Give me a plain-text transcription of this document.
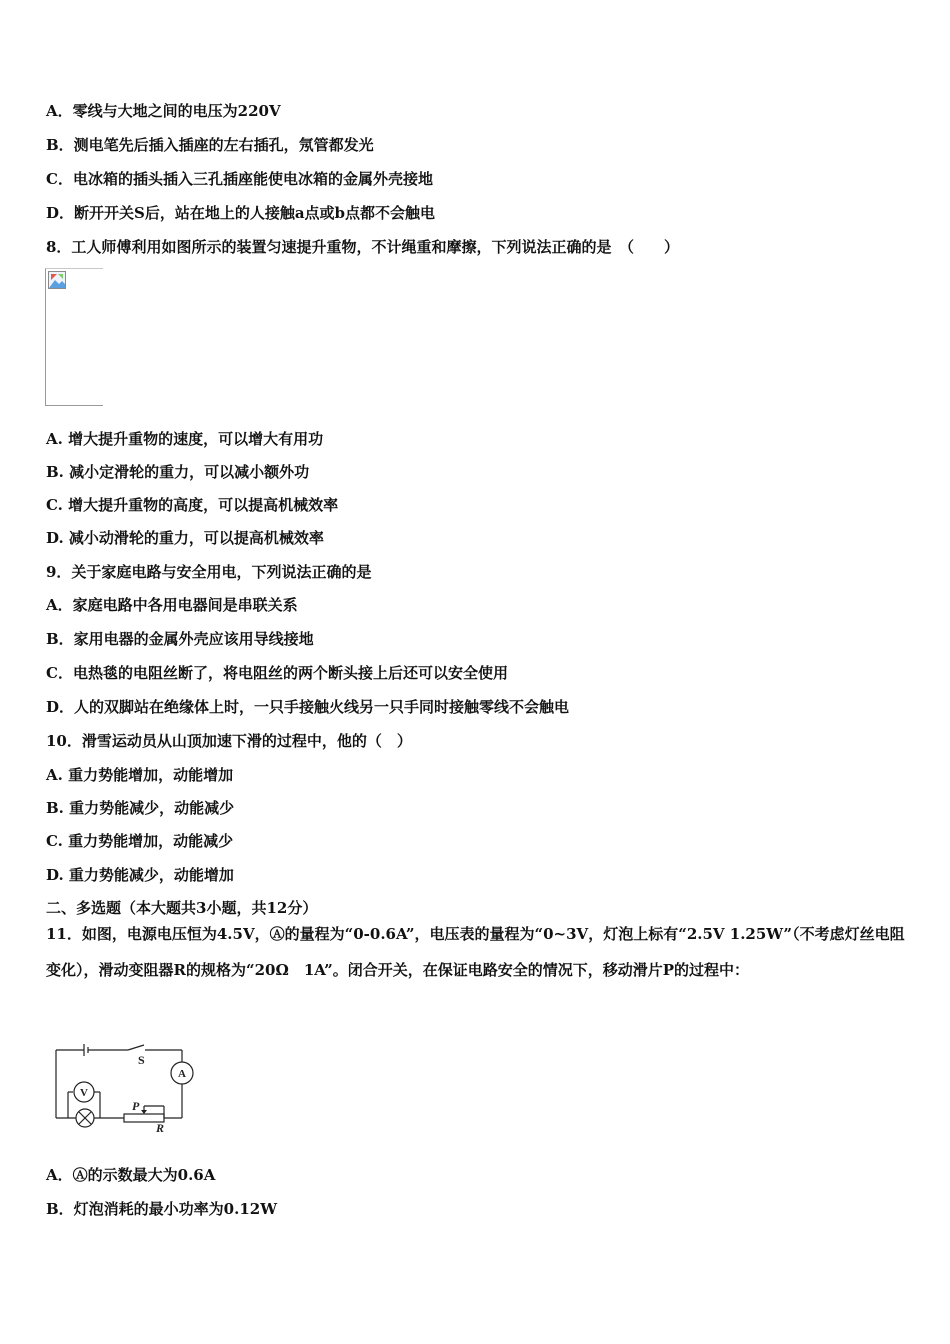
A．零线与大地之间的电压为220V
B．测电笔先后插入插座的左右插孔，氖管都发光
C．电冰箱的插头插入三孔插座能使电冰箱的金属外壳接地
D．断开开关S后，站在地上的人接触a点或b点都不会触电
8．工人师傅利用如图所示的装置匀速提升重物，不计绳重和摩擦，下列说法正确的是　（　　）
A. 增大提升重物的速度，可以增大有用功
B. 减小定滑轮的重力，可以减小额外功
C. 增大提升重物的高度，可以提高机械效率
D. 减小动滑轮的重力，可以提高机械效率
9．关于家庭电路与安全用电，下列说法正确的是
A．家庭电路中各用电器间是串联关系
B．家用电器的金属外壳应该用导线接地
C．电热毯的电阻丝断了，将电阻丝的两个断头接上后还可以安全使用
D．人的双脚站在绝缘体上时，一只手接触火线另一只手同时接触零线不会触电
10．滑雪运动员从山顶加速下滑的过程中，他的（　）
A. 重力势能增加，动能增加
B. 重力势能减少，动能减少
C. 重力势能增加，动能减少
D. 重力势能减少，动能增加
二、多选题（本大题共3小题，共12分）
11．如图，电源电压恒为4.5V，Ⓐ的量程为“0-0.6A”，电压表的量程为“0~3V，灯泡上标有“2.5V 1.25W”（不考虑灯丝电阻变化），滑动变阻器R的规格为“20Ω　1A”。闭合开关，在保证电路安全的情况下，移动滑片P的过程中：
S
A
V
P
R
A．Ⓐ的示数最大为0.6A
B．灯泡消耗的最小功率为0.12W
